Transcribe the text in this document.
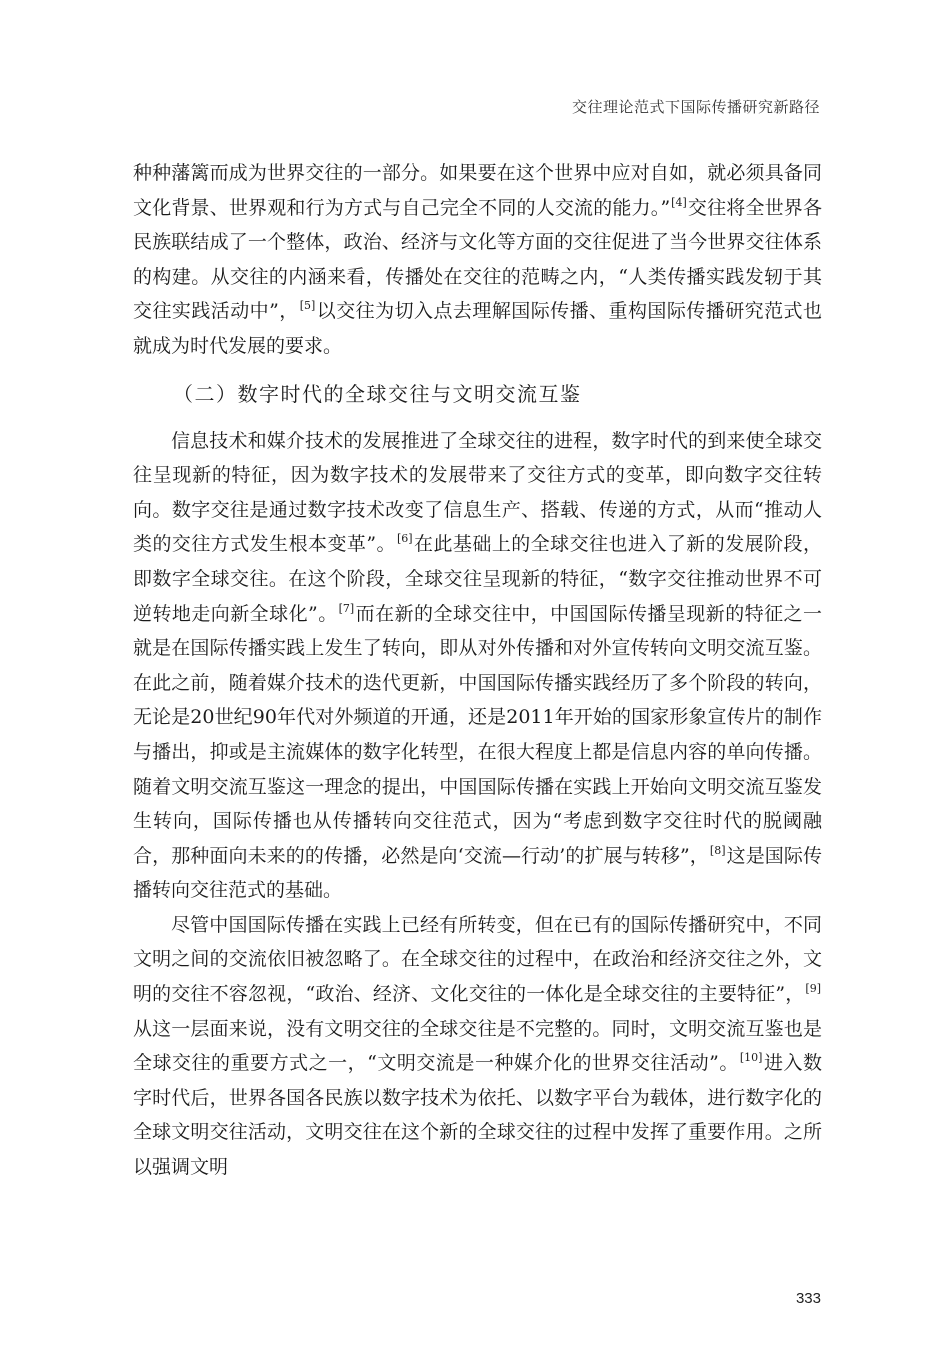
交往理论范式下国际传播研究新路径

种种藩篱而成为世界交往的一部分。如果要在这个世界中应对自如，就必须具备同文化背景、世界观和行为方式与自己完全不同的人交流的能力。”[4]交往将全世界各民族联结成了一个整体，政治、经济与文化等方面的交往促进了当今世界交往体系的构建。从交往的内涵来看，传播处在交往的范畴之内，“人类传播实践发轫于其交往实践活动中”，[5]以交往为切入点去理解国际传播、重构国际传播研究范式也就成为时代发展的要求。

（二）数字时代的全球交往与文明交流互鉴

信息技术和媒介技术的发展推进了全球交往的进程，数字时代的到来使全球交往呈现新的特征，因为数字技术的发展带来了交往方式的变革，即向数字交往转向。数字交往是通过数字技术改变了信息生产、搭载、传递的方式，从而“推动人类的交往方式发生根本变革”。[6]在此基础上的全球交往也进入了新的发展阶段，即数字全球交往。在这个阶段，全球交往呈现新的特征，“数字交往推动世界不可逆转地走向新全球化”。[7]而在新的全球交往中，中国国际传播呈现新的特征之一就是在国际传播实践上发生了转向，即从对外传播和对外宣传转向文明交流互鉴。在此之前，随着媒介技术的迭代更新，中国国际传播实践经历了多个阶段的转向，无论是20世纪90年代对外频道的开通，还是2011年开始的国家形象宣传片的制作与播出，抑或是主流媒体的数字化转型，在很大程度上都是信息内容的单向传播。随着文明交流互鉴这一理念的提出，中国国际传播在实践上开始向文明交流互鉴发生转向，国际传播也从传播转向交往范式，因为“考虑到数字交往时代的脱阈融合，那种面向未来的的传播，必然是向‘交流—行动’的扩展与转移”，[8]这是国际传播转向交往范式的基础。

尽管中国国际传播在实践上已经有所转变，但在已有的国际传播研究中，不同文明之间的交流依旧被忽略了。在全球交往的过程中，在政治和经济交往之外，文明的交往不容忽视，“政治、经济、文化交往的一体化是全球交往的主要特征”，[9]从这一层面来说，没有文明交往的全球交往是不完整的。同时，文明交流互鉴也是全球交往的重要方式之一，“文明交流是一种媒介化的世界交往活动”。[10]进入数字时代后，世界各国各民族以数字技术为依托、以数字平台为载体，进行数字化的全球文明交往活动，文明交往在这个新的全球交往的过程中发挥了重要作用。之所以强调文明

333
